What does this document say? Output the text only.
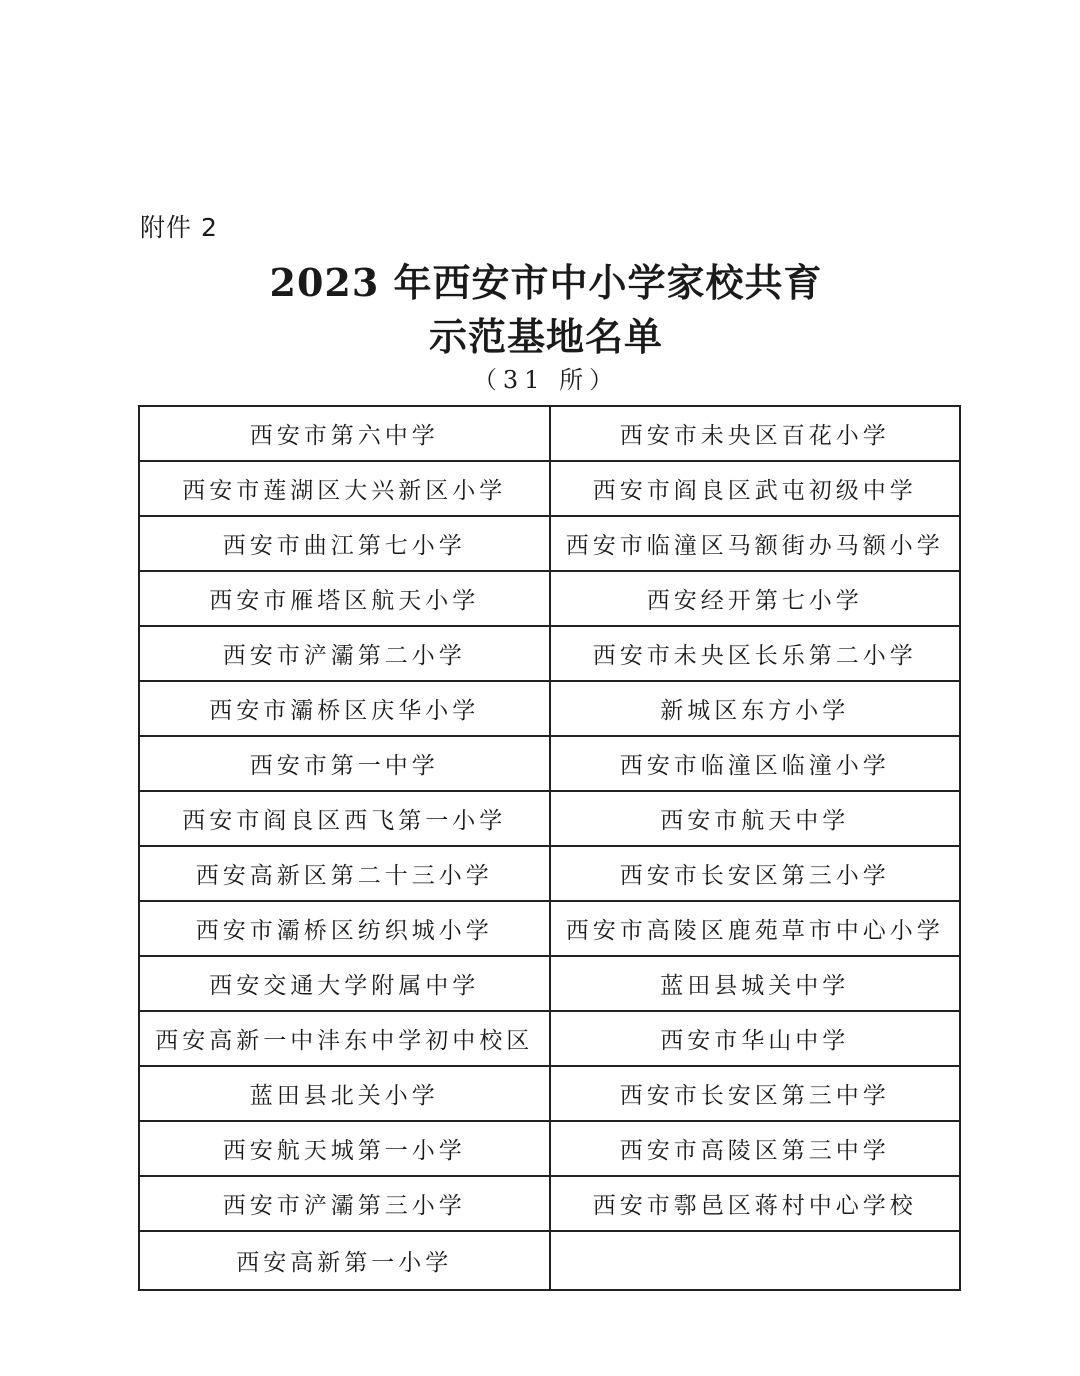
附件 2
2023 年西安市中小学家校共育
示范基地名单
（31 所）
西安市第六中学	西安市未央区百花小学
西安市莲湖区大兴新区小学	西安市阎良区武屯初级中学
西安市曲江第七小学	西安市临潼区马额街办马额小学
西安市雁塔区航天小学	西安经开第七小学
西安市浐灞第二小学	西安市未央区长乐第二小学
西安市灞桥区庆华小学	新城区东方小学
西安市第一中学	西安市临潼区临潼小学
西安市阎良区西飞第一小学	西安市航天中学
西安高新区第二十三小学	西安市长安区第三小学
西安市灞桥区纺织城小学	西安市高陵区鹿苑草市中心小学
西安交通大学附属中学	蓝田县城关中学
西安高新一中沣东中学初中校区	西安市华山中学
蓝田县北关小学	西安市长安区第三中学
西安航天城第一小学	西安市高陵区第三中学
西安市浐灞第三小学	西安市鄠邑区蒋村中心学校
西安高新第一小学	
